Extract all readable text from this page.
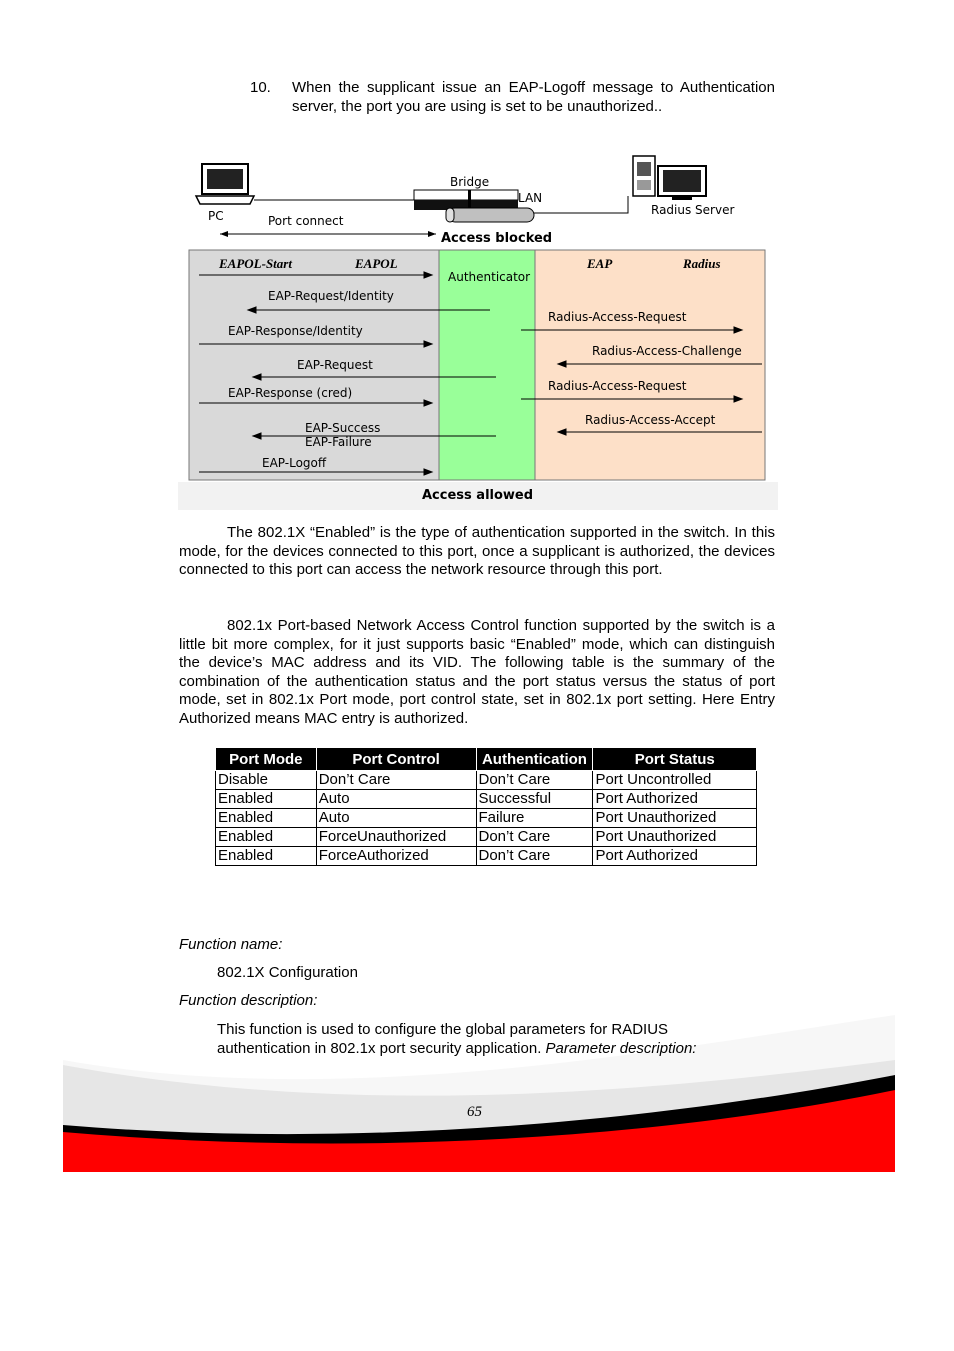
10. When the supplicant issue an EAP-Logoff message to Authentication server, the port you are using is set to be unauthorized..
PC
Bridge
LAN
Radius Server
Port connect
Access blocked
EAPOL-Start	EAPOL
Authenticator
EAP	Radius
EAP-Request/Identity
EAP-Response/Identity
EAP-Request
EAP-Response (cred)
EAP-Success
EAP-Failure
EAP-Logoff
Radius-Access-Request
Radius-Access-Challenge
Radius-Access-Request
Radius-Access-Accept
Access allowed
The 802.1X “Enabled” is the type of authentication supported in the switch. In this mode, for the devices connected to this port, once a supplicant is authorized, the devices connected to this port can access the network resource through this port.
802.1x Port-based Network Access Control function supported by the switch is a little bit more complex, for it just supports basic “Enabled” mode, which can distinguish the device’s MAC address and its VID. The following table is the summary of the combination of the authentication status and the port status versus the status of port mode, set in 802.1x Port mode, port control state, set in 802.1x port setting. Here Entry Authorized means MAC entry is authorized.
Port Mode	Port Control	Authentication	Port Status
Disable	Don’t Care	Don’t Care	Port Uncontrolled
Enabled	Auto	Successful	Port Authorized
Enabled	Auto	Failure	Port Unauthorized
Enabled	ForceUnauthorized	Don’t Care	Port Unauthorized
Enabled	ForceAuthorized	Don’t Care	Port Authorized
Function name:
802.1X Configuration
Function description:
This function is used to configure the global parameters for RADIUS authentication in 802.1x port security application. Parameter description:
65
